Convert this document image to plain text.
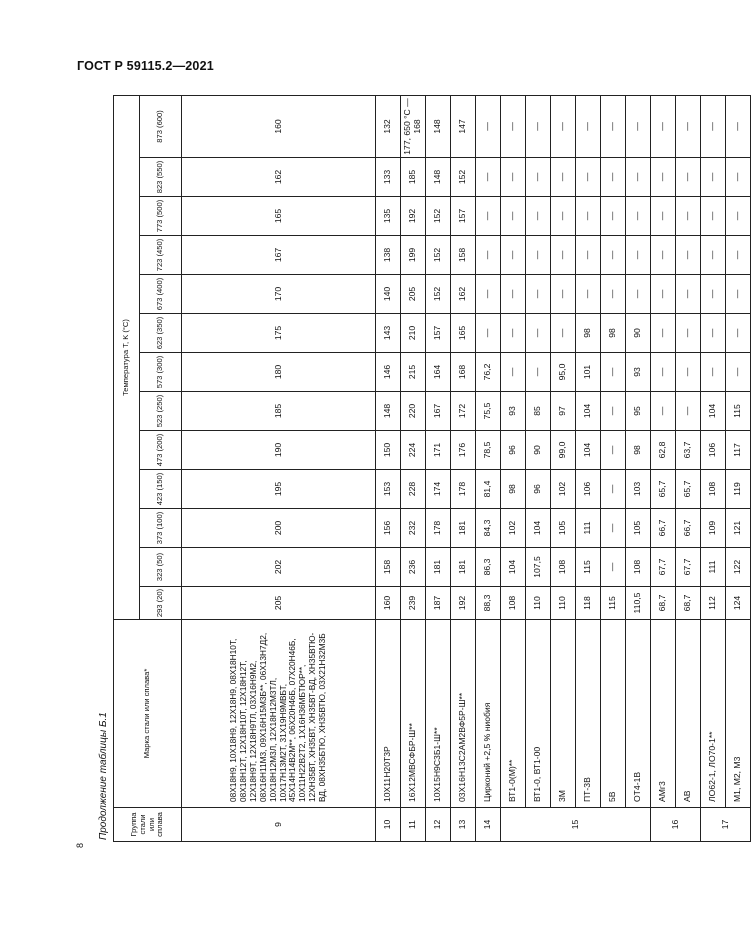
ГОСТ Р 59115.2—2021
8
Продолжение таблицы Б.1	Группа стали или сплава	Марка стали или сплава*	Температура T, K (°C)												
		293 (20)	323 (50)	373 (100)	423 (150)	473 (200)	523 (250)	573 (300)	623 (350)	673 (400)	723 (450)	773 (500)	823 (550)	873 (600)
9	08Х18Н9, 10Х18Н9, 12Х18Н9, 08Х18Н10Т, 08Х18Н12Т, 12Х18Н10Т, 12Х18Н12Т, 12Х18Н9Т, 12Х18Н9ТЛ, 03Х16Н9М2, 08Х16Н11М3, 09Х16Н15М3Б**, 06Х13Н7Д2, 10Х18Н12М3Л, 12Х18Н12М3ТЛ, 10Х17Н13М2Т, 31Х19Н9МВБТ, 45Х14Н14В2М**, 06Х20Н46Б, 07Х20Н46Б, 10Х11Н22В2Т2, 1Х16Н36МБТЮР**, 12ХН35ВТ, ХН35ВТ, ХН35ВТ-ВД, ХН35ВТЮ-ВД, 08ХН35БТЮ, ХН35ВТЮ, 03Х21Н32М3Б	205	202	200	195	190	185	180	175	170	167	165	162	160
10	10Х11Н20Т3Р	160	158	156	153	150	148	146	143	140	138	135	133	132
11	16Х12МВСФБР-Ш**	239	236	232	228	224	220	215	210	205	199	192	185	177, 650 °C — 168
12	10Х15Н9С3Б1-Ш**	187	181	178	174	171	167	164	157	152	152	152	148	148
13	03Х16Н13С2АМ2ВФ5Р-Ш**	192	181	181	178	176	172	168	165	162	158	157	152	147
14	Цирконий +2,5 % ниобия	88,3	86,3	84,3	81,4	78,5	75,5	76,2	—	—	—	—	—	—
15	ВТ1-0(М)**	108	104	102	98	96	93	—	—	—	—	—	—	—
	ВТ1-0, ВТ1-00	110	107,5	104	96	90	85	—	—	—	—	—	—	—
	3М	110	108	105	102	99,0	97	95,0	—	—	—	—	—	—
	ПТ-3В	118	115	111	106	104	104	101	98	—	—	—	—	—
	5В	115	—	—	—	—	—	—	98	—	—	—	—	—
	ОТ4-1В	110,5	108	105	103	98	95	93	90	—	—	—	—	—
16	АМг3	68,7	67,7	66,7	65,7	62,8	—	—	—	—	—	—	—	—
	АВ	68,7	67,7	66,7	65,7	63,7	—	—	—	—	—	—	—	—
17	ЛО62-1, ЛО70-1**	112	111	109	108	106	104	—	—	—	—	—	—	—
	М1, М2, М3	124	122	121	119	117	115	—	—	—	—	—	—	—
